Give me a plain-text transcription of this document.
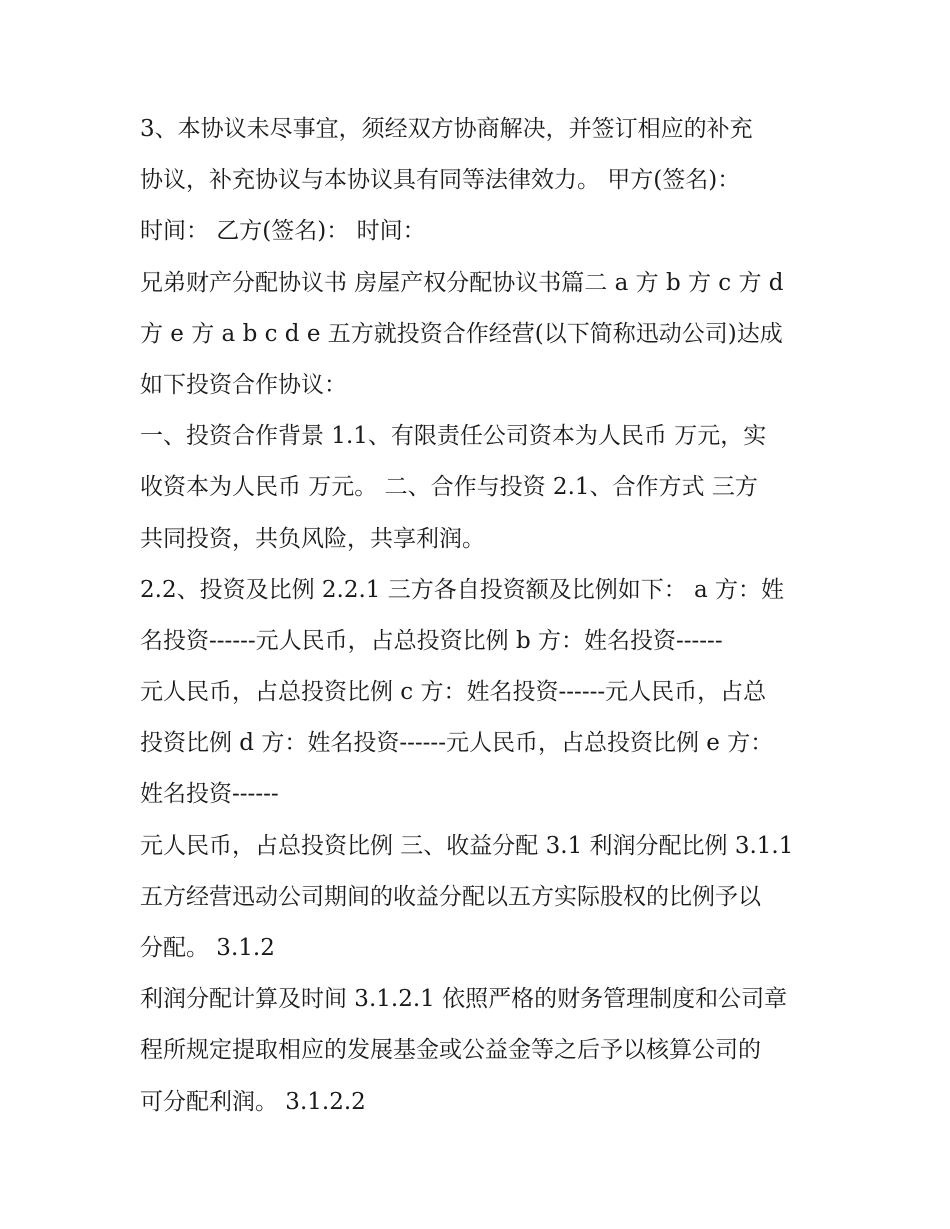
3、本协议未尽事宜，须经双方协商解决，并签订相应的补充
协议，补充协议与本协议具有同等法律效力。 甲方(签名)：
时间： 乙方(签名)： 时间：
兄弟财产分配协议书 房屋产权分配协议书篇二 a 方 b 方 c 方 d
方 e 方 a b c d e 五方就投资合作经营(以下简称迅动公司)达成
如下投资合作协议：
一、投资合作背景 1.1、有限责任公司资本为人民币 万元，实
收资本为人民币 万元。 二、合作与投资 2.1、合作方式 三方
共同投资，共负风险，共享利润。
2.2、投资及比例 2.2.1 三方各自投资额及比例如下： a 方：姓
名投资------元人民币，占总投资比例 b 方：姓名投资------
元人民币，占总投资比例 c 方：姓名投资------元人民币，占总
投资比例 d 方：姓名投资------元人民币，占总投资比例 e 方：
姓名投资------
元人民币，占总投资比例 三、收益分配 3.1 利润分配比例 3.1.1
五方经营迅动公司期间的收益分配以五方实际股权的比例予以
分配。 3.1.2
利润分配计算及时间 3.1.2.1 依照严格的财务管理制度和公司章
程所规定提取相应的发展基金或公益金等之后予以核算公司的
可分配利润。 3.1.2.2
